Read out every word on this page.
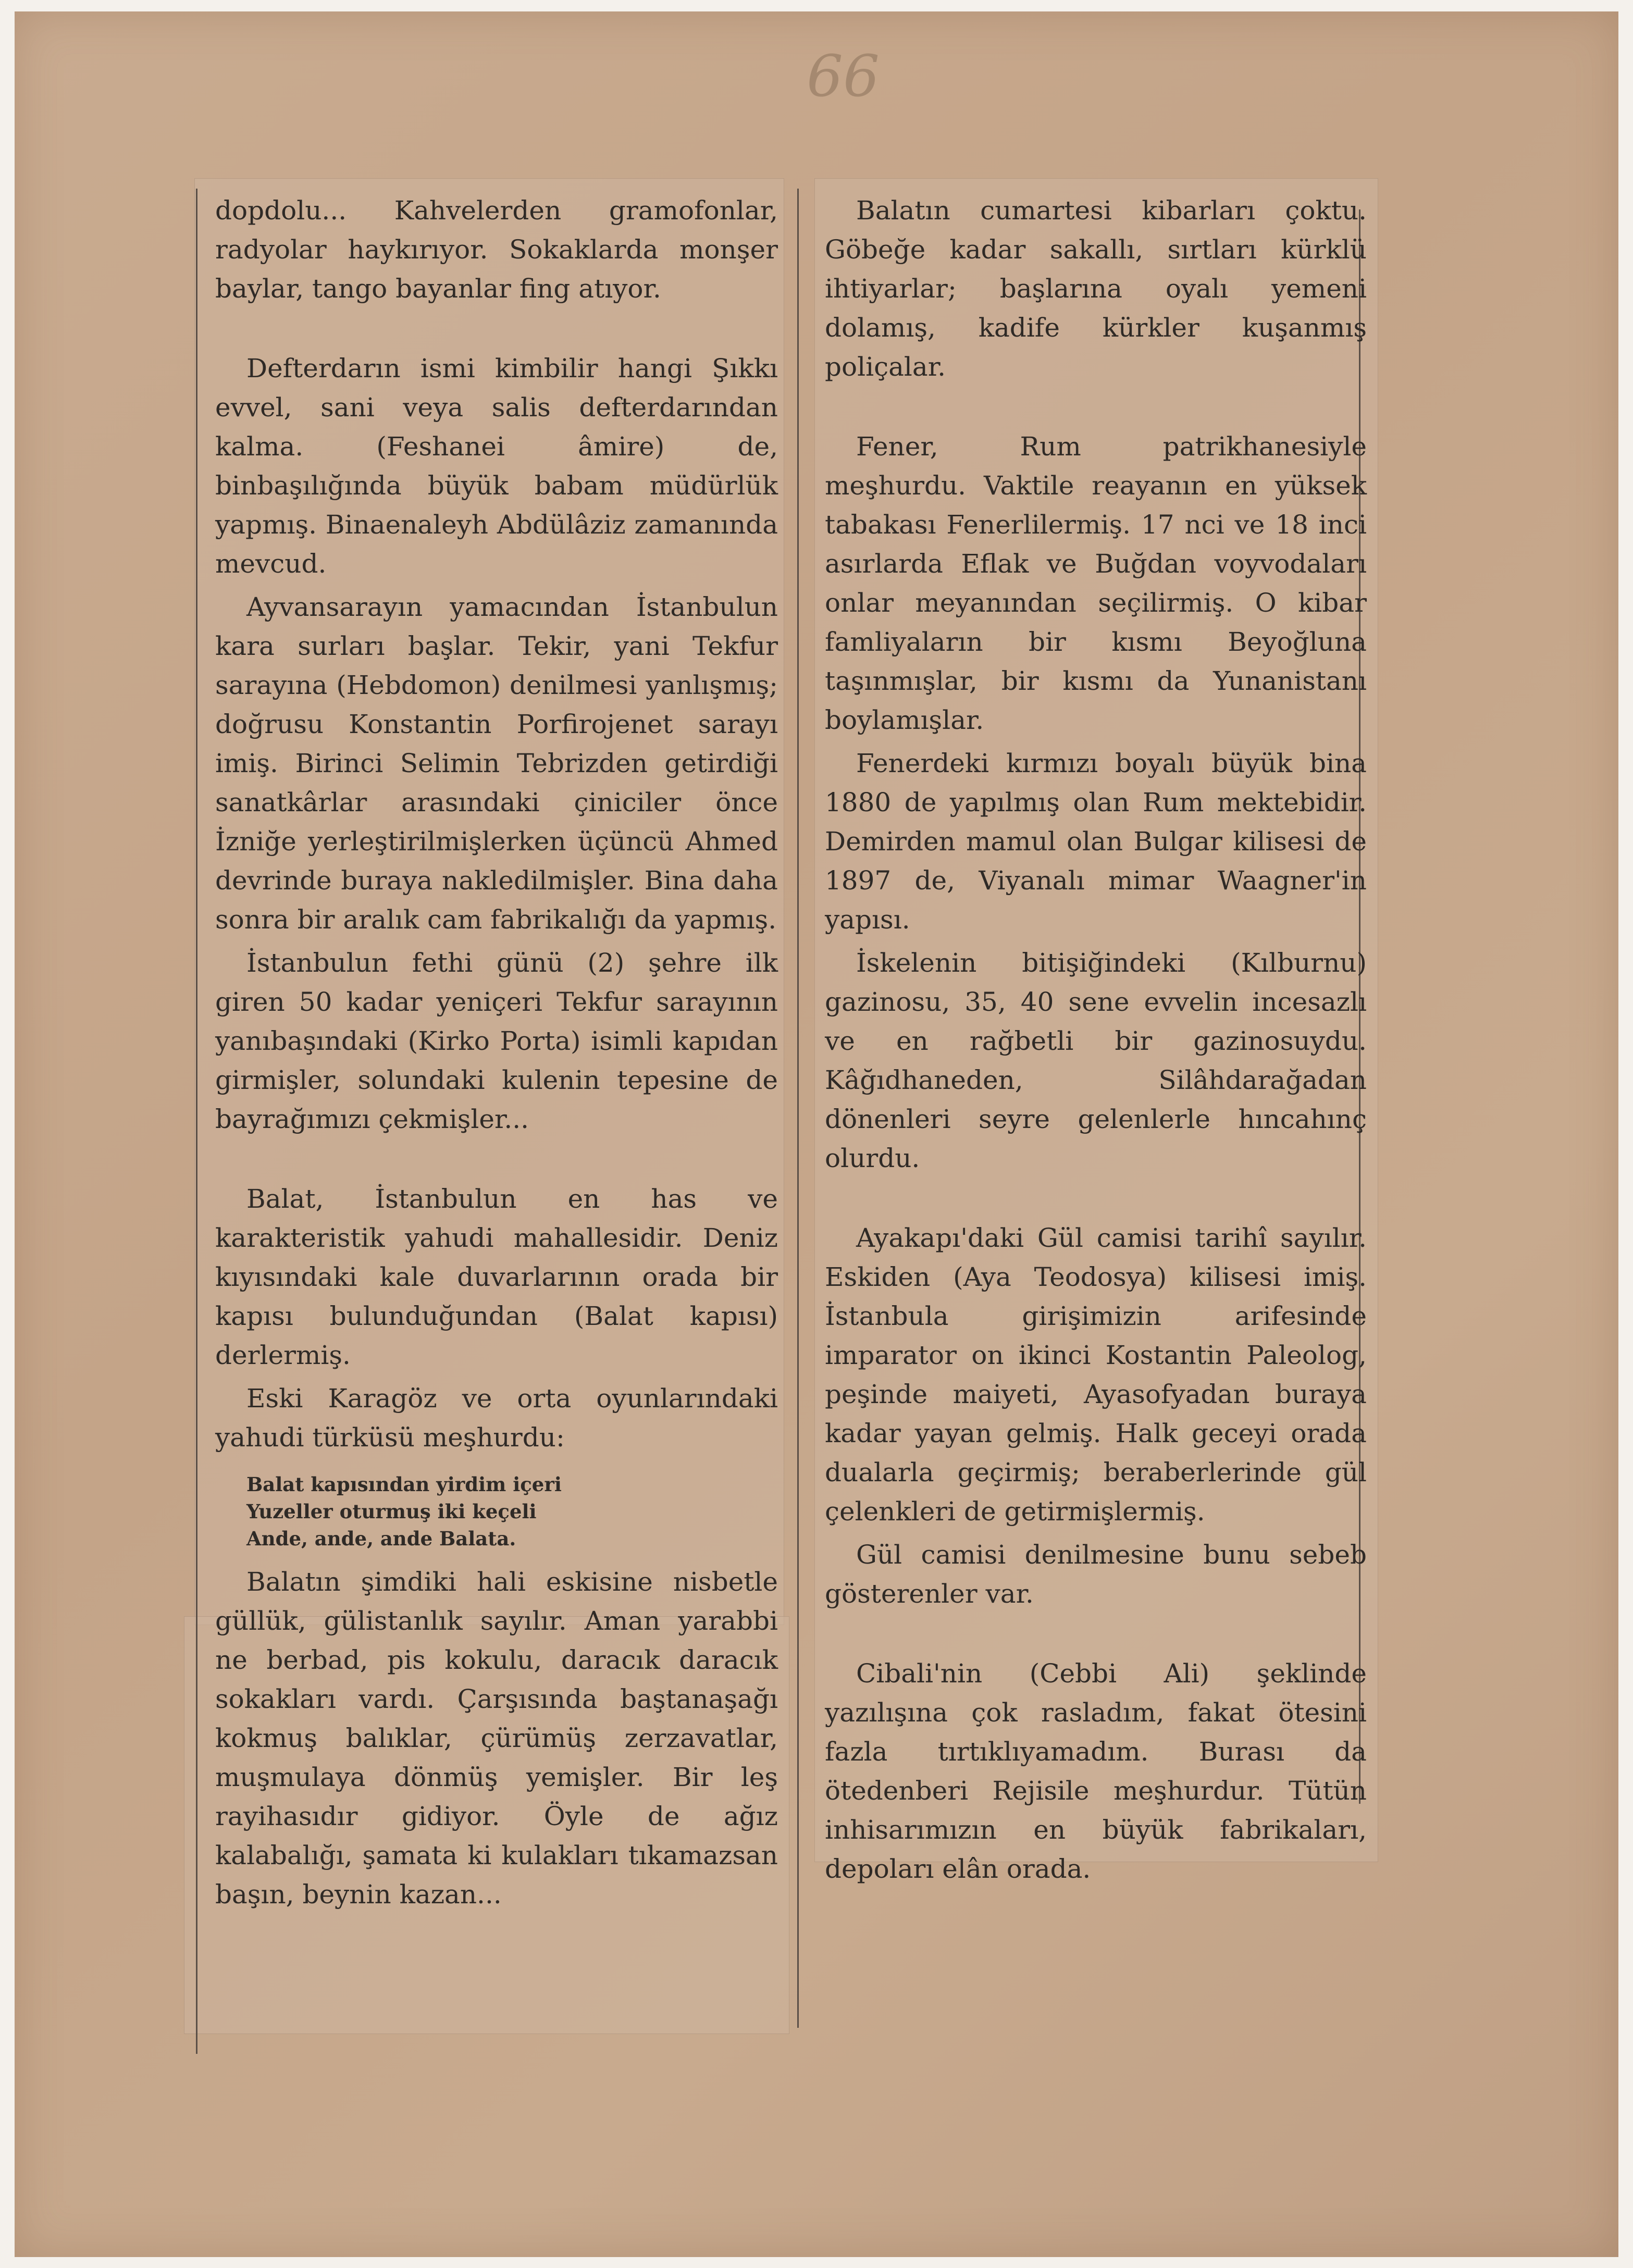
66

dopdolu... Kahvelerden gramofonlar, radyolar haykırıyor. Sokaklarda monşer baylar, tango bayanlar fing atıyor.

Defterdarın ismi kimbilir hangi Şıkkı evvel, sani veya salis defterdarından kalma. (Feshanei âmire) de, binbaşılığında büyük babam müdürlük yapmış. Binaenaleyh Abdülâziz zamanında mevcud.

Ayvansarayın yamacından İstanbulun kara surları başlar. Tekir, yani Tekfur sarayına (Hebdomon) denilmesi yanlışmış; doğrusu Konstantin Porfirojenet sarayı imiş. Birinci Selimin Tebrizden getirdiği sanatkârlar arasındaki çiniciler önce İzniğe yerleştirilmişlerken üçüncü Ahmed devrinde buraya nakledilmişler. Bina daha sonra bir aralık cam fabrikalığı da yapmış.

İstanbulun fethi günü (2) şehre ilk giren 50 kadar yeniçeri Tekfur sarayının yanıbaşındaki (Kirko Porta) isimli kapıdan girmişler, solundaki kulenin tepesine de bayrağımızı çekmişler...

Balat, İstanbulun en has ve karakteristik yahudi mahallesidir. Deniz kıyısındaki kale duvarlarının orada bir kapısı bulunduğundan (Balat kapısı) derlermiş.

Eski Karagöz ve orta oyunlarındaki yahudi türküsü meşhurdu:

Balat kapısından yirdim içeri
Yuzeller oturmuş iki keçeli
Ande, ande, ande Balata.

Balatın şimdiki hali eskisine nisbetle güllük, gülistanlık sayılır. Aman yarabbi ne berbad, pis kokulu, daracık daracık sokakları vardı. Çarşısında baştanaşağı kokmuş balıklar, çürümüş zerzavatlar, muşmulaya dönmüş yemişler. Bir leş rayihasıdır gidiyor. Öyle de ağız kalabalığı, şamata ki kulakları tıkamazsan başın, beynin kazan...

Balatın cumartesi kibarları çoktu. Göbeğe kadar sakallı, sırtları kürklü ihtiyarlar; başlarına oyalı yemeni dolamış, kadife kürkler kuşanmış poliçalar.

Fener, Rum patrikhanesiyle meşhurdu. Vaktile reayanın en yüksek tabakası Fenerlilermiş. 17 nci ve 18 inci asırlarda Eflak ve Buğdan voyvodaları onlar meyanından seçilirmiş. O kibar famliyaların bir kısmı Beyoğluna taşınmışlar, bir kısmı da Yunanistanı boylamışlar.

Fenerdeki kırmızı boyalı büyük bina 1880 de yapılmış olan Rum mektebidir. Demirden mamul olan Bulgar kilisesi de 1897 de, Viyanalı mimar Waagner'in yapısı.

İskelenin bitişiğindeki (Kılburnu) gazinosu, 35, 40 sene evvelin incesazlı ve en rağbetli bir gazinosuydu. Kâğıdhaneden, Silâhdarağadan dönenleri seyre gelenlerle hıncahınç olurdu.

Ayakapı'daki Gül camisi tarihî sayılır. Eskiden (Aya Teodosya) kilisesi imiş. İstanbula girişimizin arifesinde imparator on ikinci Kostantin Paleolog, peşinde maiyeti, Ayasofyadan buraya kadar yayan gelmiş. Halk geceyi orada dualarla geçirmiş; beraberlerinde gül çelenkleri de getirmişlermiş.

Gül camisi denilmesine bunu sebeb gösterenler var.

Cibali'nin (Cebbi Ali) şeklinde yazılışına çok rasladım, fakat ötesini fazla tırtıklıyamadım. Burası da ötedenberi Rejisile meşhurdur. Tütün inhisarımızın en büyük fabrikaları, depoları elân orada.
